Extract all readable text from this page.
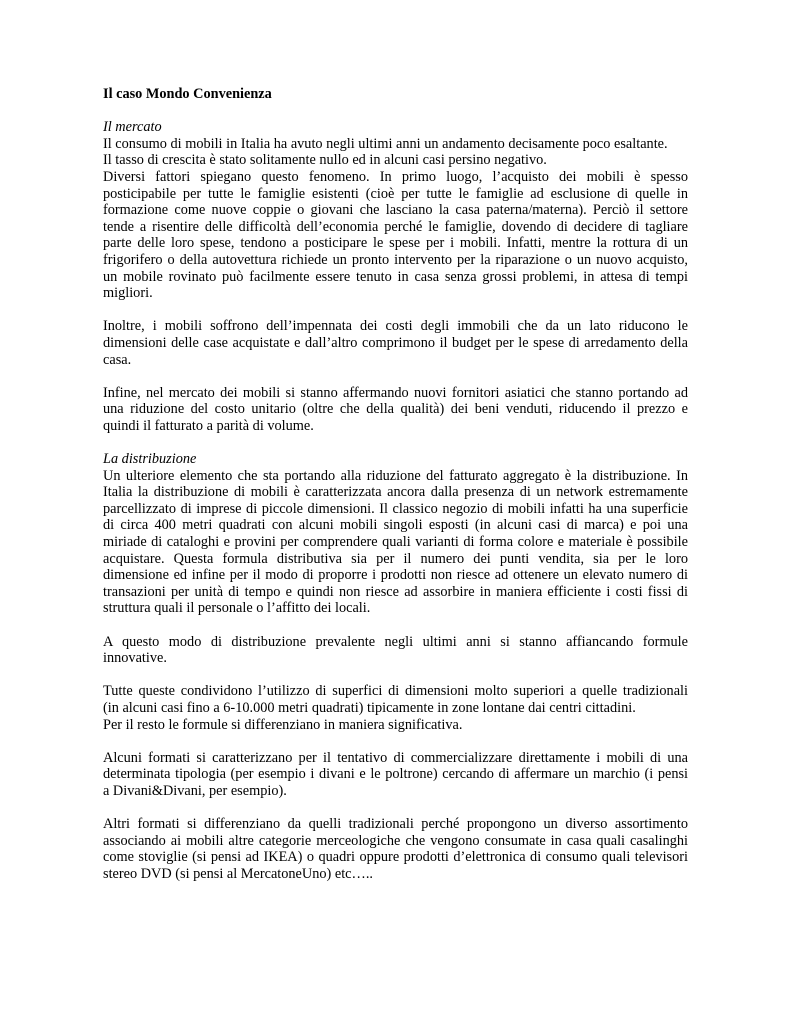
Il caso Mondo Convenienza
Il mercato
Il consumo di mobili in Italia ha avuto negli ultimi anni un andamento decisamente poco esaltante.
Il tasso di crescita è stato solitamente nullo ed in alcuni casi persino negativo.
Diversi fattori spiegano questo fenomeno. In primo luogo, l’acquisto dei mobili è spesso
posticipabile per tutte le famiglie esistenti (cioè per tutte le famiglie ad esclusione di quelle in
formazione come nuove coppie o giovani che lasciano la casa paterna/materna). Perciò il settore
tende a risentire delle difficoltà dell’economia perché le famiglie, dovendo di decidere di tagliare
parte delle loro spese, tendono a posticipare le spese per i mobili. Infatti, mentre la rottura di un
frigorifero o della autovettura richiede un pronto intervento per la riparazione o un nuovo acquisto,
un mobile rovinato può facilmente essere tenuto in casa senza grossi problemi, in attesa di tempi
migliori.
Inoltre, i mobili soffrono dell’impennata dei costi degli immobili che da un lato riducono le
dimensioni delle case acquistate e dall’altro comprimono il budget per le spese di arredamento della
casa.
Infine, nel mercato dei mobili si stanno affermando nuovi fornitori asiatici che stanno portando ad
una riduzione del costo unitario (oltre che della qualità) dei beni venduti, riducendo il prezzo e
quindi il fatturato a parità di volume.
La distribuzione
Un ulteriore elemento che sta portando alla riduzione del fatturato aggregato è la distribuzione. In
Italia la distribuzione di mobili è caratterizzata ancora dalla presenza di un network estremamente
parcellizzato di imprese di piccole dimensioni. Il classico negozio di mobili infatti ha una superficie
di circa 400 metri quadrati con alcuni mobili singoli esposti (in alcuni casi di marca) e poi una
miriade di cataloghi e provini per comprendere quali varianti di forma colore e materiale è possibile
acquistare. Questa formula distributiva sia per il numero dei punti vendita, sia per le loro
dimensione ed infine per il modo di proporre i prodotti non riesce ad ottenere un elevato numero di
transazioni per unità di tempo e quindi non riesce ad assorbire in maniera efficiente i costi fissi di
struttura quali il personale o l’affitto dei locali.
A questo modo di distribuzione prevalente negli ultimi anni si stanno affiancando formule
innovative.
Tutte queste condividono l’utilizzo di superfici di dimensioni molto superiori a quelle tradizionali
(in alcuni casi fino a 6-10.000 metri quadrati) tipicamente in zone lontane dai centri cittadini.
Per il resto le formule si differenziano in maniera significativa.
Alcuni formati si caratterizzano per il tentativo di commercializzare direttamente i mobili di una
determinata tipologia (per esempio i divani e le poltrone) cercando di affermare un marchio (i pensi
a Divani&Divani, per esempio).
Altri formati si differenziano da quelli tradizionali perché propongono un diverso assortimento
associando ai mobili altre categorie merceologiche che vengono consumate in casa quali casalinghi
come stoviglie (si pensi ad IKEA) o quadri oppure prodotti d’elettronica di consumo quali televisori
stereo DVD (si pensi al MercatoneUno) etc…..
